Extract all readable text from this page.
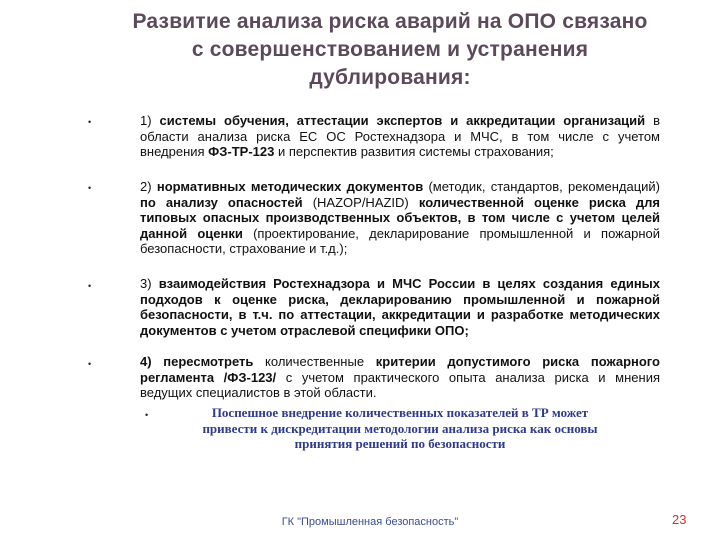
Развитие анализа риска аварий на ОПО связано
с совершенствованием и устранения
дублирования:
•	1) системы обучения, аттестации экспертов и аккредитации организаций в области анализа риска ЕС ОС Ростехнадзора и МЧС, в том числе с учетом внедрения ФЗ-ТР-123 и перспектив развития системы страхования;
•	2) нормативных методических документов (методик, стандартов, рекомендаций) по анализу опасностей (HAZOP/HAZID) количественной оценке риска для типовых опасных производственных объектов, в том числе с учетом целей данной оценки (проектирование, декларирование промышленной и пожарной безопасности, страхование и т.д.);
•	3) взаимодействия Ростехнадзора и МЧС России в целях создания единых подходов к оценке риска, декларированию промышленной и пожарной безопасности, в т.ч. по аттестации, аккредитации и разработке методических документов с учетом отраслевой специфики ОПО;
•	4) пересмотреть количественные критерии допустимого риска пожарного регламента /ФЗ-123/ с учетом практического опыта анализа риска и мнения ведущих специалистов в этой области.
•	Поспешное внедрение количественных показателей в ТР может
привести к дискредитации методологии анализа риска как основы
принятия решений по безопасности
ГК "Промышленная безопасность"	23
